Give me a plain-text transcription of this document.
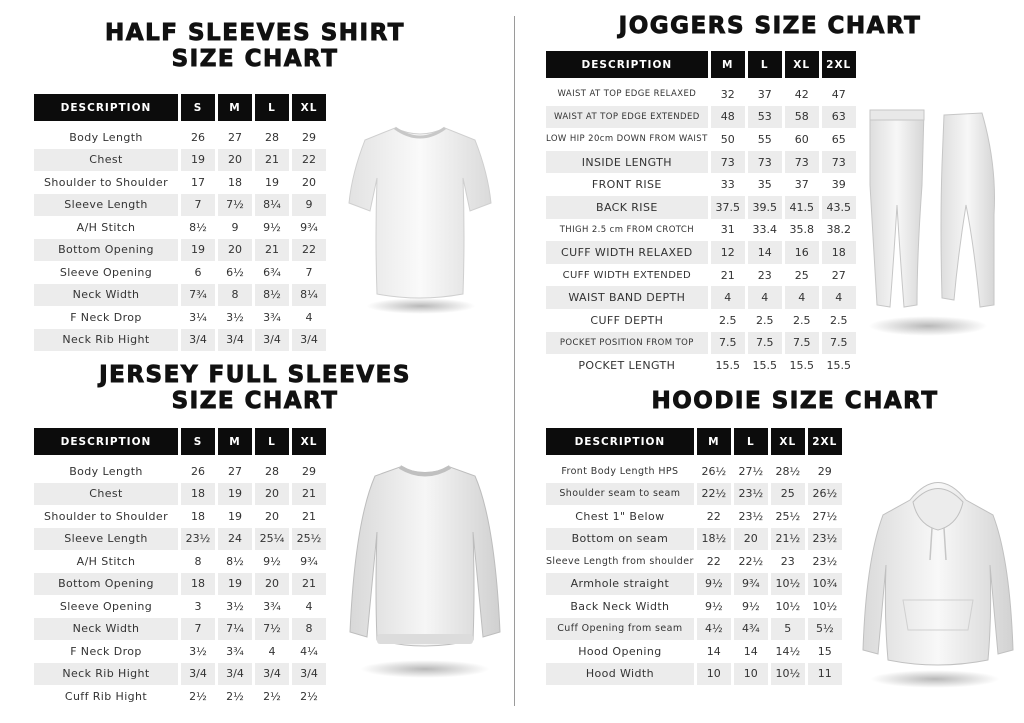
HALF SLEEVES SHIRT
SIZE CHART
JERSEY FULL SLEEVES
SIZE CHART
JOGGERS SIZE CHART
HOODIE SIZE CHART
DESCRIPTION	S	M	L	XL

Body Length	26	27	28	29
Chest	19	20	21	22
Shoulder to Shoulder	17	18	19	20
Sleeve Length	7	7½	8¼	9
A/H Stitch	8½	9	9½	9¾
Bottom Opening	19	20	21	22
Sleeve Opening	6	6½	6¾	7
Neck Width	7¾	8	8½	8¼
F Neck Drop	3¼	3½	3¾	4
Neck Rib Hight	3/4	3/4	3/4	3/4
DESCRIPTION	S	M	L	XL

Body Length	26	27	28	29
Chest	18	19	20	21
Shoulder to Shoulder	18	19	20	21
Sleeve Length	23½	24	25¼	25½
A/H Stitch	8	8½	9½	9¾
Bottom Opening	18	19	20	21
Sleeve Opening	3	3½	3¾	4
Neck Width	7	7¼	7½	8
F Neck Drop	3½	3¾	4	4¼
Neck Rib Hight	3/4	3/4	3/4	3/4
Cuff Rib Hight	2½	2½	2½	2½
DESCRIPTION	M	L	XL	2XL

WAIST AT TOP EDGE RELAXED	32	37	42	47
WAIST AT TOP EDGE EXTENDED	48	53	58	63
LOW HIP 20cm DOWN FROM WAIST	50	55	60	65
INSIDE LENGTH	73	73	73	73
FRONT RISE	33	35	37	39
BACK RISE	37.5	39.5	41.5	43.5
THIGH 2.5 cm FROM CROTCH	31	33.4	35.8	38.2
CUFF WIDTH RELAXED	12	14	16	18
CUFF WIDTH EXTENDED	21	23	25	27
WAIST BAND DEPTH	4	4	4	4
CUFF DEPTH	2.5	2.5	2.5	2.5
POCKET POSITION FROM TOP	7.5	7.5	7.5	7.5
POCKET LENGTH	15.5	15.5	15.5	15.5
DESCRIPTION	M	L	XL	2XL

Front Body Length HPS	26½	27½	28½	29
Shoulder seam to seam	22½	23½	25	26½
Chest 1" Below	22	23½	25½	27½
Bottom on seam	18½	20	21½	23½
Sleeve Length from shoulder	22	22½	23	23½
Armhole straight	9½	9¾	10½	10¾
Back Neck Width	9½	9½	10½	10½
Cuff Opening from seam	4½	4¾	5	5½
Hood Opening	14	14	14½	15
Hood Width	10	10	10½	11
